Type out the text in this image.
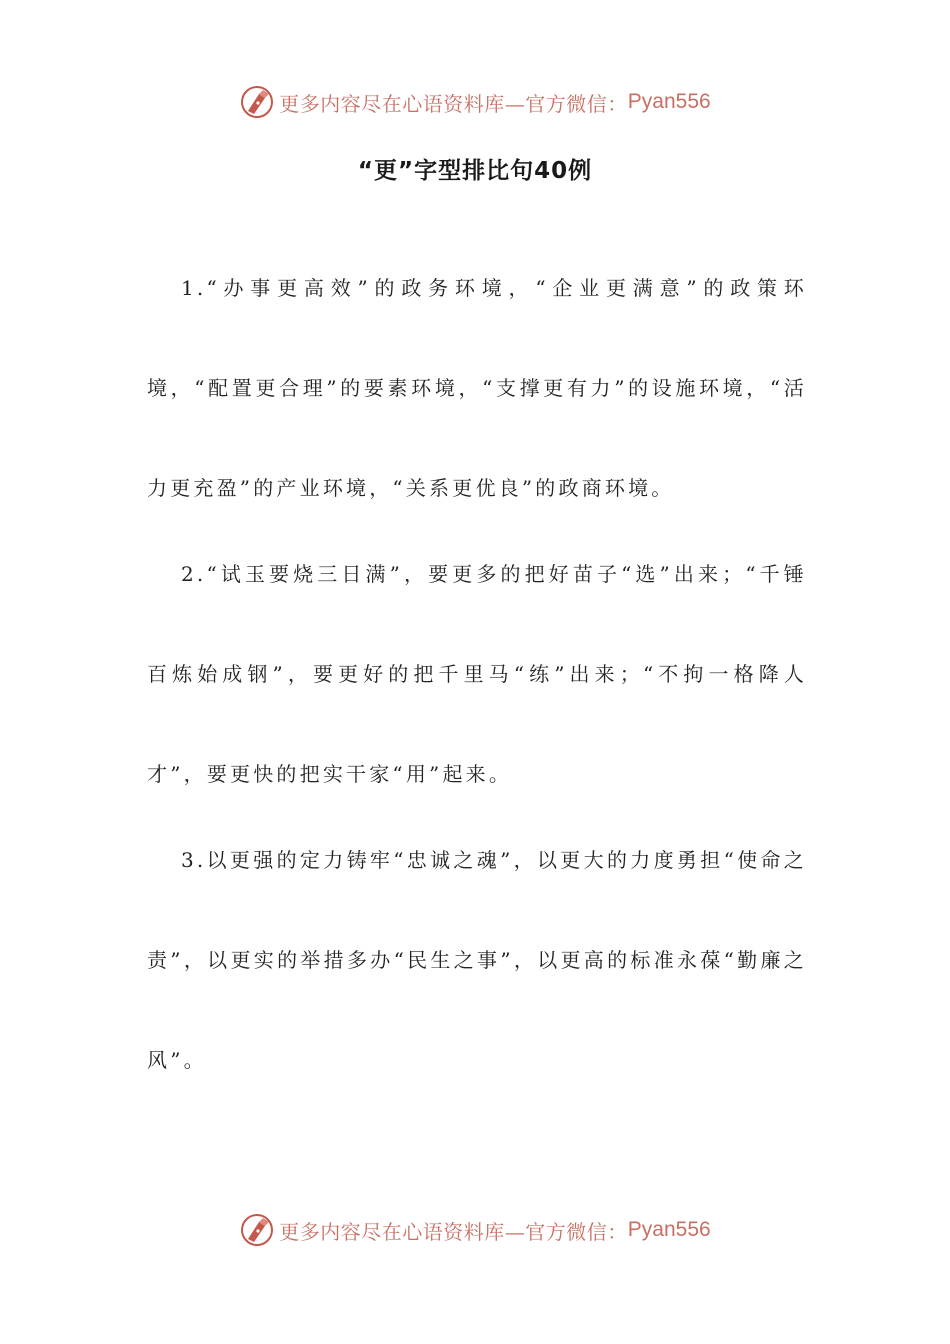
更多内容尽在心语资料库—官方微信： Pyan556
“更”字型排比句40例

1.“办事更高效”的政务环境，“企业更满意”的政策环境，“配置更合理”的要素环境，“支撑更有力”的设施环境，“活力更充盈”的产业环境，“关系更优良”的政商环境。

2.“试玉要烧三日满”，要更多的把好苗子“选”出来；“千锤百炼始成钢”，要更好的把千里马“练”出来；“不拘一格降人才”，要更快的把实干家“用”起来。

3.以更强的定力铸牢“忠诚之魂”，以更大的力度勇担“使命之责”，以更实的举措多办“民生之事”，以更高的标准永葆“勤廉之风”。

更多内容尽在心语资料库—官方微信： Pyan556
